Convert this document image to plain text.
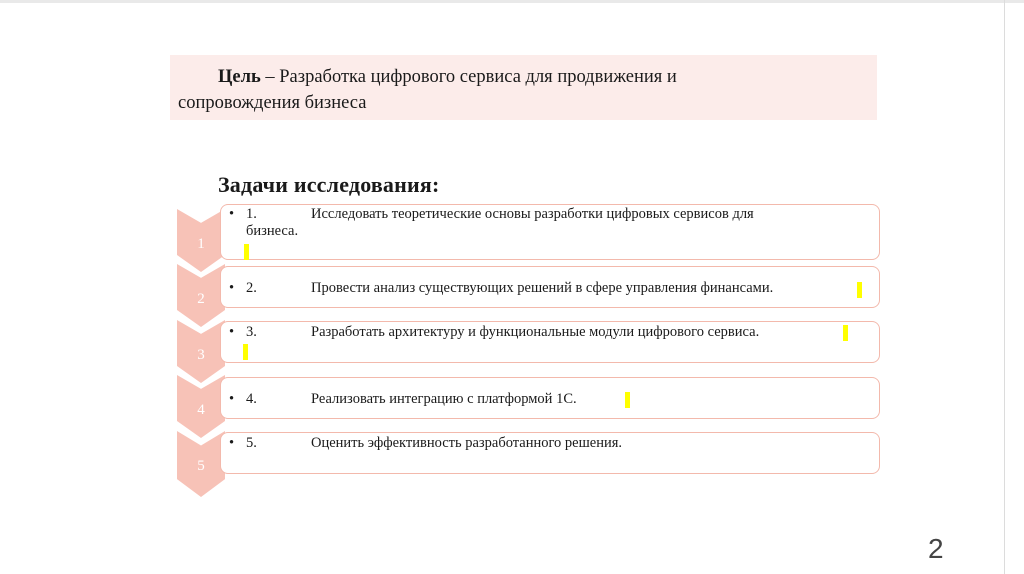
Цель – Разработка цифрового сервиса для продвижения и
сопровождения бизнеса
Задачи исследования:
1
2
3
4
5
• 1.	Исследовать теоретические основы разработки цифровых сервисов для
бизнеса.
• 2.	Провести анализ существующих решений в сфере управления финансами.
• 3.	Разработать архитектуру и функциональные модули цифрового сервиса.
• 4.	Реализовать интеграцию с платформой 1С.
• 5.	Оценить эффективность разработанного решения.
2
